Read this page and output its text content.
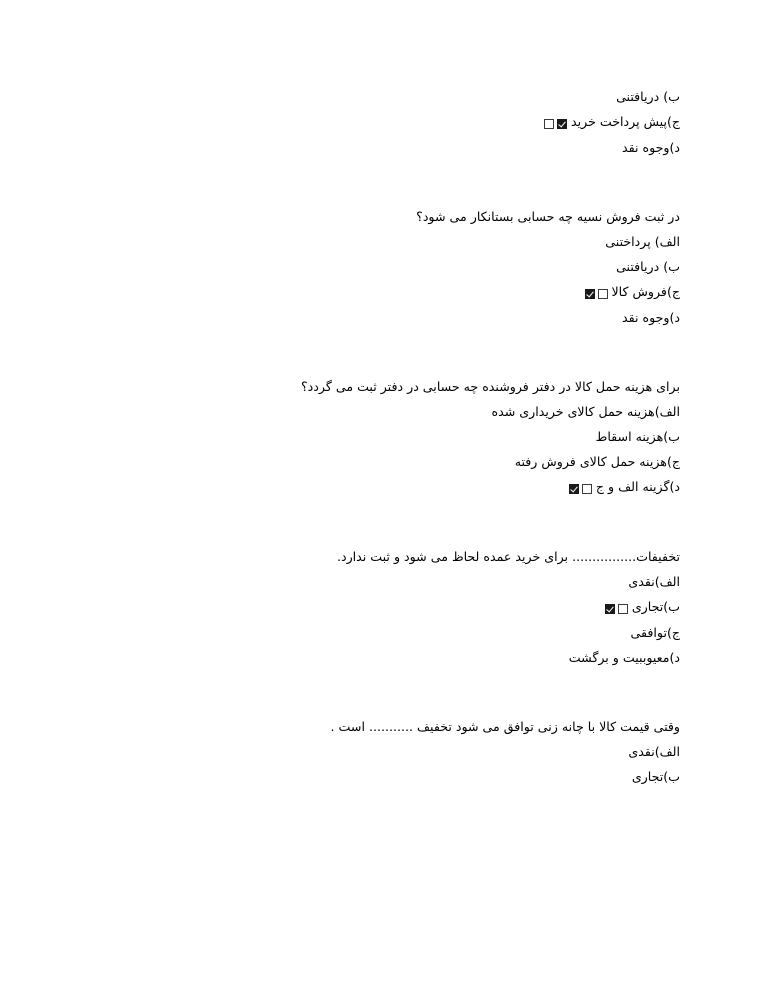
ب) دریافتنی
ج)پیش پرداخت خرید
د)وجوه نقد
در ثبت فروش نسیه چه حسابی بستانکار می شود؟
الف) پرداختنی
ب) دریافتنی
ج)فروش کالا
د)وجوه نقد
برای هزینه حمل کالا در دفتر فروشنده چه حسابی در دفتر ثبت می گردد؟
الف)هزینه حمل کالای خریداری شده
ب)هزینه اسقاط
ج)هزینه حمل کالای فروش رفته
د)گزینه الف و ج
تخفیفات................ برای خرید عمده لحاظ می شود و ثبت ندارد.
الف)نقدی
ب)تجاری
ج)توافقی
د)معیوببیت و برگشت
وقتی قیمت کالا با چانه زنی توافق می شود تخفیف ........... است .
الف)نقدی
ب)تجاری
